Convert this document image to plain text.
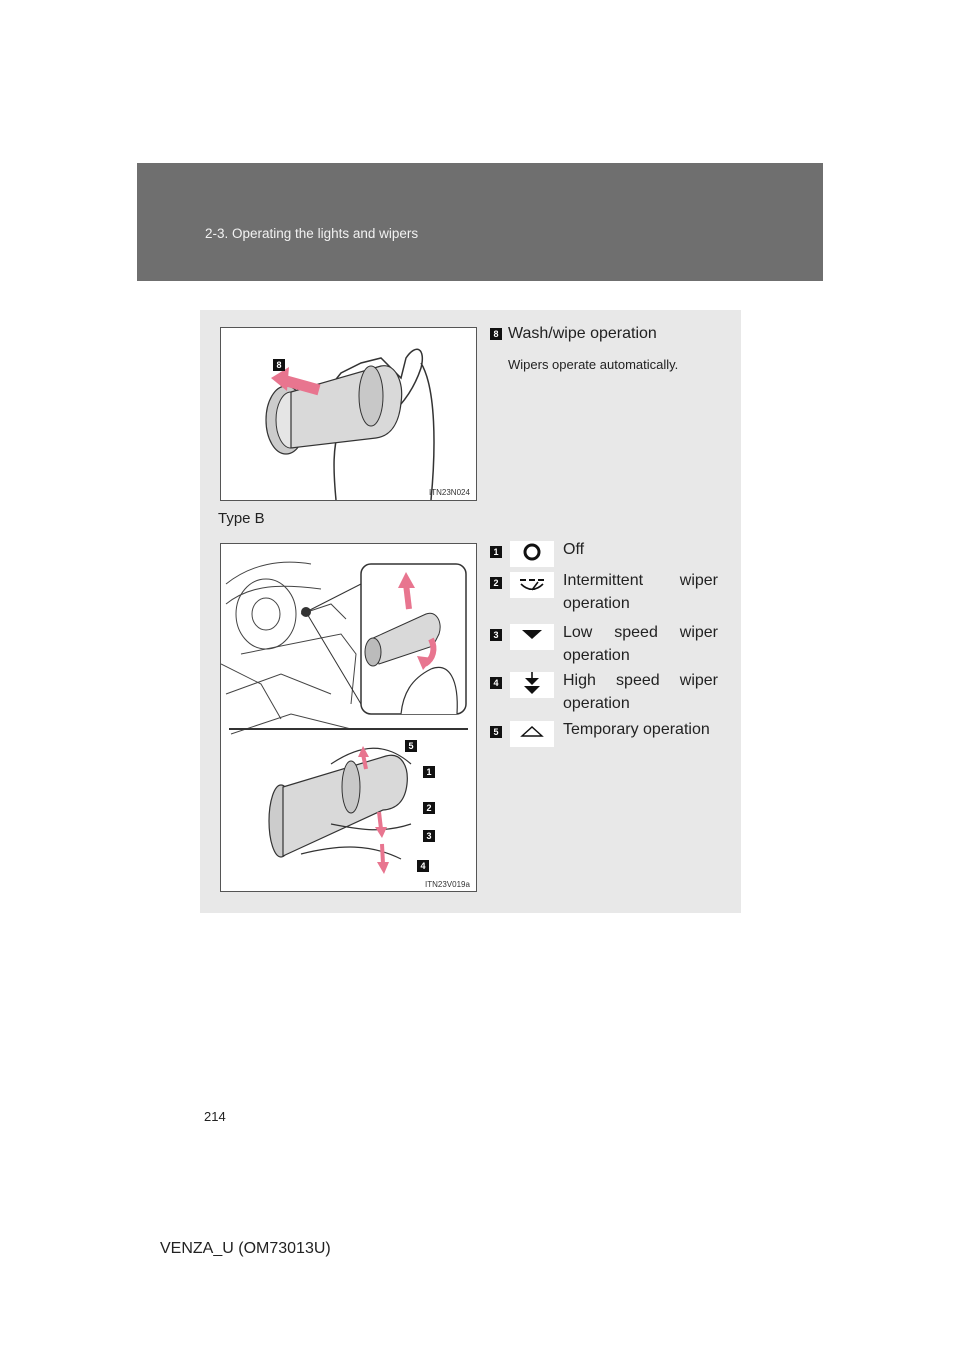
2-3. Operating the lights and wipers
8
ITN23N024
8 Wash/wipe operation
Wipers operate automatically.
Type B
5
1
2
3
4
ITN23V019a
1	Off
2	Intermittent wiper operation
3	Low speed wiper operation
4	High speed wiper operation
5	Temporary operation
214
VENZA_U (OM73013U)
